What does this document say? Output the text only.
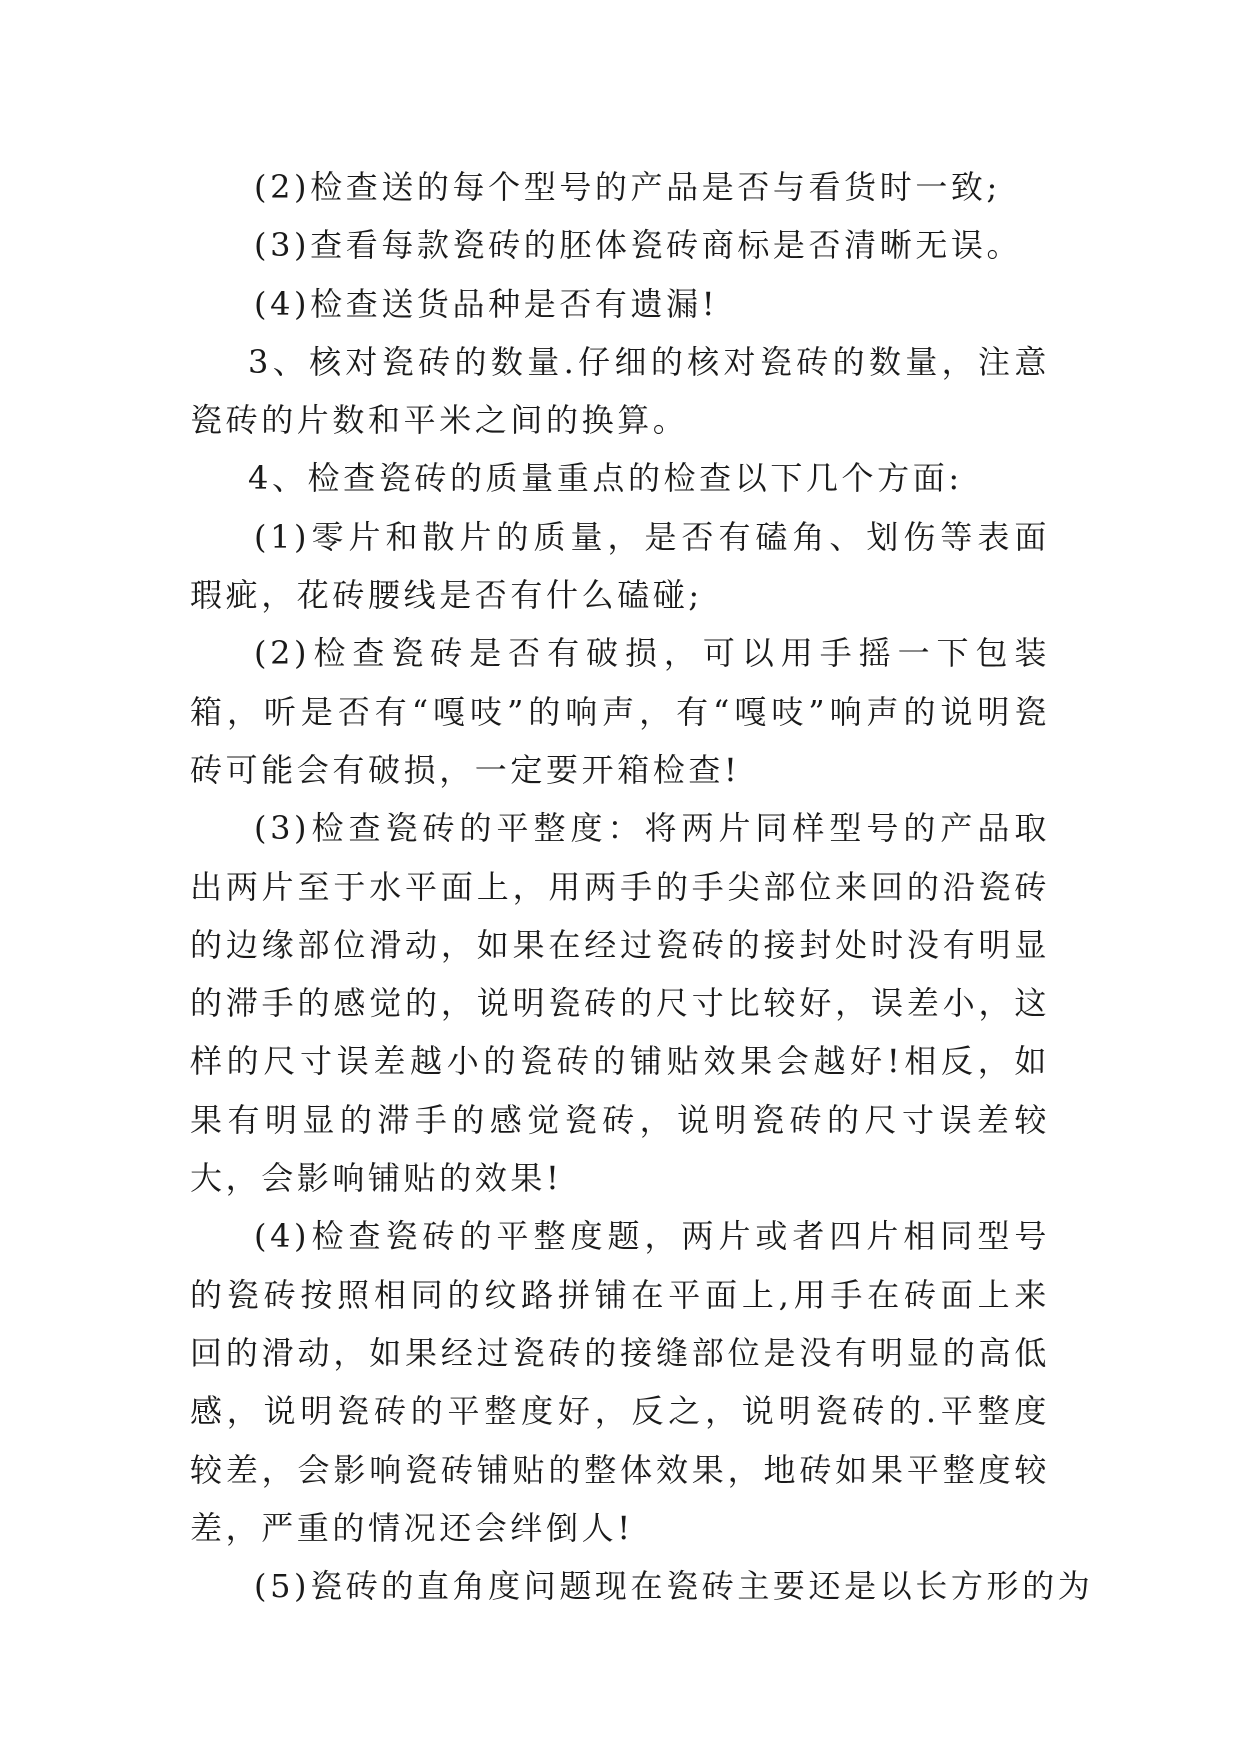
(2)检查送的每个型号的产品是否与看货时一致;

(3)查看每款瓷砖的胚体瓷砖商标是否清晰无误。

(4)检查送货品种是否有遗漏!

3、核对瓷砖的数量.仔细的核对瓷砖的数量，注意瓷砖的片数和平米之间的换算。

4、检查瓷砖的质量重点的检查以下几个方面:

(1)零片和散片的质量，是否有磕角、划伤等表面瑕疵，花砖腰线是否有什么磕碰;

(2)检查瓷砖是否有破损，可以用手摇一下包装箱，听是否有“嘎吱”的响声，有“嘎吱”响声的说明瓷砖可能会有破损，一定要开箱检查!

(3)检查瓷砖的平整度：将两片同样型号的产品取出两片至于水平面上，用两手的手尖部位来回的沿瓷砖的边缘部位滑动，如果在经过瓷砖的接封处时没有明显的滞手的感觉的，说明瓷砖的尺寸比较好，误差小，这样的尺寸误差越小的瓷砖的铺贴效果会越好!相反，如果有明显的滞手的感觉瓷砖，说明瓷砖的尺寸误差较大，会影响铺贴的效果!

(4)检查瓷砖的平整度题，两片或者四片相同型号的瓷砖按照相同的纹路拼铺在平面上,用手在砖面上来回的滑动，如果经过瓷砖的接缝部位是没有明显的高低感，说明瓷砖的平整度好，反之，说明瓷砖的.平整度较差，会影响瓷砖铺贴的整体效果，地砖如果平整度较差，严重的情况还会绊倒人!

(5)瓷砖的直角度问题现在瓷砖主要还是以长方形的为
